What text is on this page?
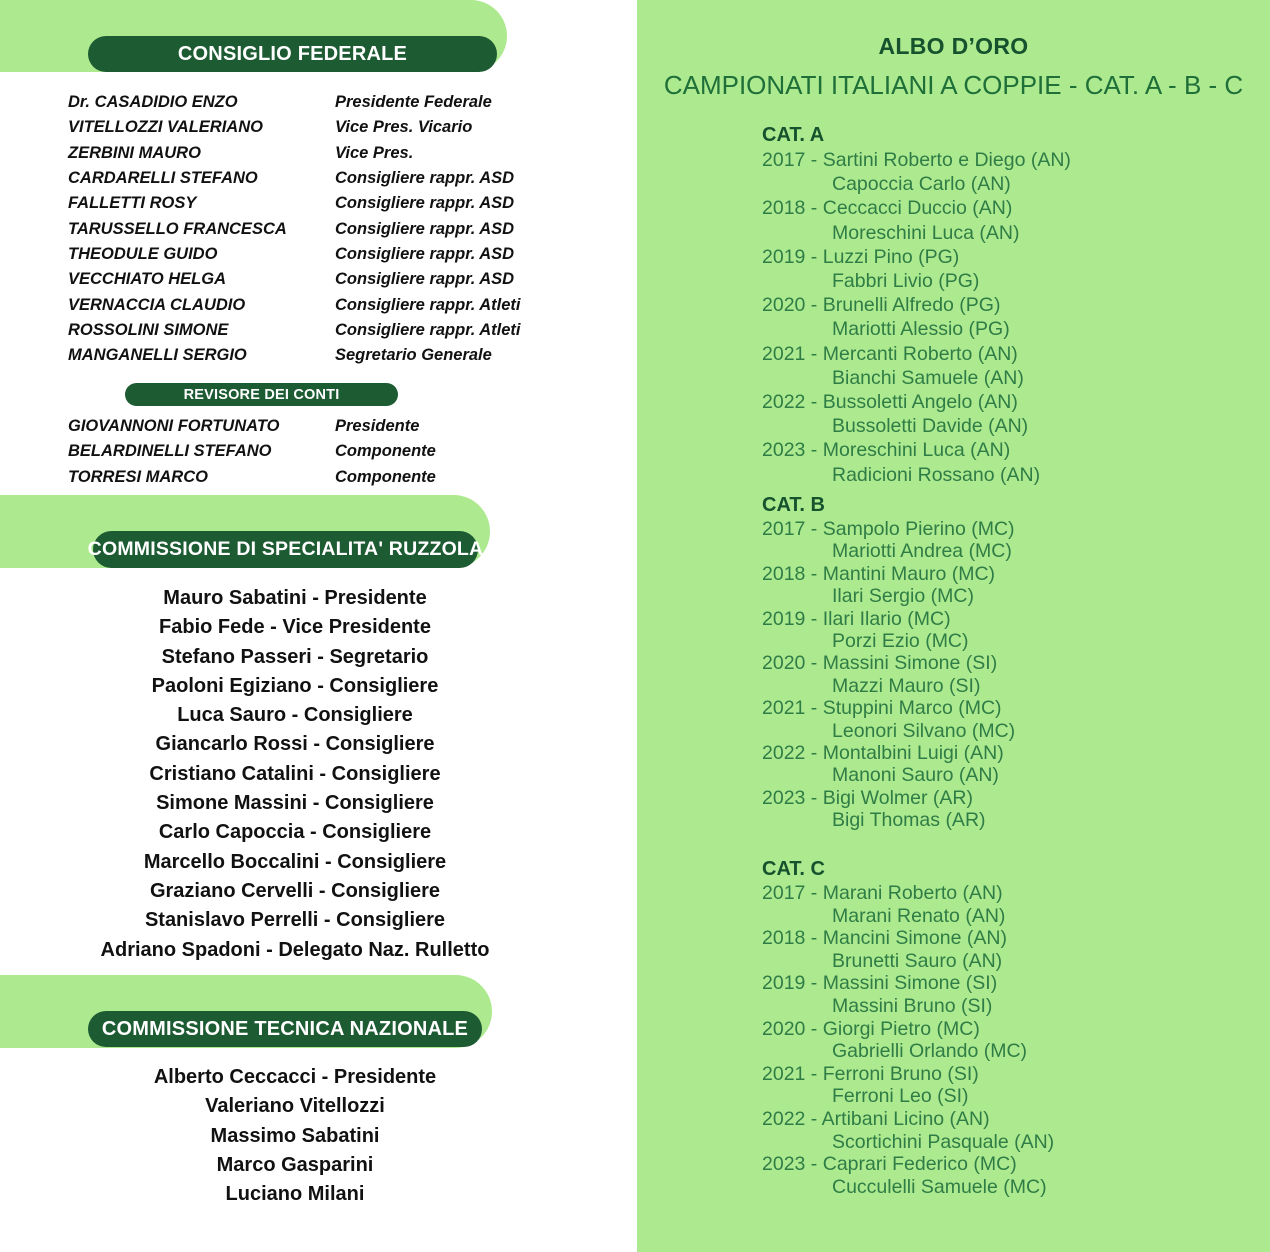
CONSIGLIO FEDERALE
Dr. CASADIDIO ENZO	Presidente Federale
VITELLOZZI VALERIANO	Vice Pres. Vicario
ZERBINI MAURO	Vice Pres.
CARDARELLI STEFANO	Consigliere rappr. ASD
FALLETTI ROSY	Consigliere rappr. ASD
TARUSSELLO FRANCESCA	Consigliere rappr. ASD
THEODULE GUIDO	Consigliere rappr. ASD
VECCHIATO HELGA	Consigliere rappr. ASD
VERNACCIA CLAUDIO	Consigliere rappr. Atleti
ROSSOLINI SIMONE	Consigliere rappr. Atleti
MANGANELLI SERGIO	Segretario Generale
REVISORE DEI CONTI
GIOVANNONI FORTUNATO	Presidente
BELARDINELLI STEFANO	Componente
TORRESI MARCO	Componente
COMMISSIONE DI SPECIALITA' RUZZOLA
Mauro Sabatini - Presidente
Fabio Fede - Vice Presidente
Stefano Passeri - Segretario
Paoloni Egiziano - Consigliere
Luca Sauro - Consigliere
Giancarlo Rossi - Consigliere
Cristiano Catalini - Consigliere
Simone Massini - Consigliere
Carlo Capoccia - Consigliere
Marcello Boccalini - Consigliere
Graziano Cervelli - Consigliere
Stanislavo Perrelli - Consigliere
Adriano Spadoni - Delegato Naz. Rulletto
COMMISSIONE TECNICA NAZIONALE
Alberto Ceccacci - Presidente
Valeriano Vitellozzi
Massimo Sabatini
Marco Gasparini
Luciano Milani
ALBO D’ORO
CAMPIONATI ITALIANI A COPPIE - CAT. A - B - C
CAT. A
2017 - Sartini Roberto e Diego (AN)
Capoccia Carlo (AN)
2018 - Ceccacci Duccio (AN)
Moreschini Luca (AN)
2019 - Luzzi Pino (PG)
Fabbri Livio (PG)
2020 - Brunelli Alfredo (PG)
Mariotti Alessio (PG)
2021 - Mercanti Roberto (AN)
Bianchi Samuele (AN)
2022 - Bussoletti Angelo (AN)
Bussoletti Davide (AN)
2023 - Moreschini Luca (AN)
Radicioni Rossano (AN)
CAT. B
2017 - Sampolo Pierino (MC)
Mariotti Andrea (MC)
2018 - Mantini Mauro (MC)
Ilari Sergio (MC)
2019 - Ilari Ilario (MC)
Porzi Ezio (MC)
2020 - Massini Simone (SI)
Mazzi Mauro (SI)
2021 - Stuppini Marco (MC)
Leonori Silvano (MC)
2022 - Montalbini Luigi (AN)
Manoni Sauro (AN)
2023 - Bigi Wolmer (AR)
Bigi Thomas (AR)
CAT. C
2017 - Marani Roberto (AN)
Marani Renato (AN)
2018 - Mancini Simone (AN)
Brunetti Sauro (AN)
2019 - Massini Simone (SI)
Massini Bruno (SI)
2020 - Giorgi Pietro (MC)
Gabrielli Orlando (MC)
2021 - Ferroni Bruno (SI)
Ferroni Leo (SI)
2022 - Artibani Licino (AN)
Scortichini Pasquale (AN)
2023 - Caprari Federico (MC)
Cucculelli Samuele (MC)
